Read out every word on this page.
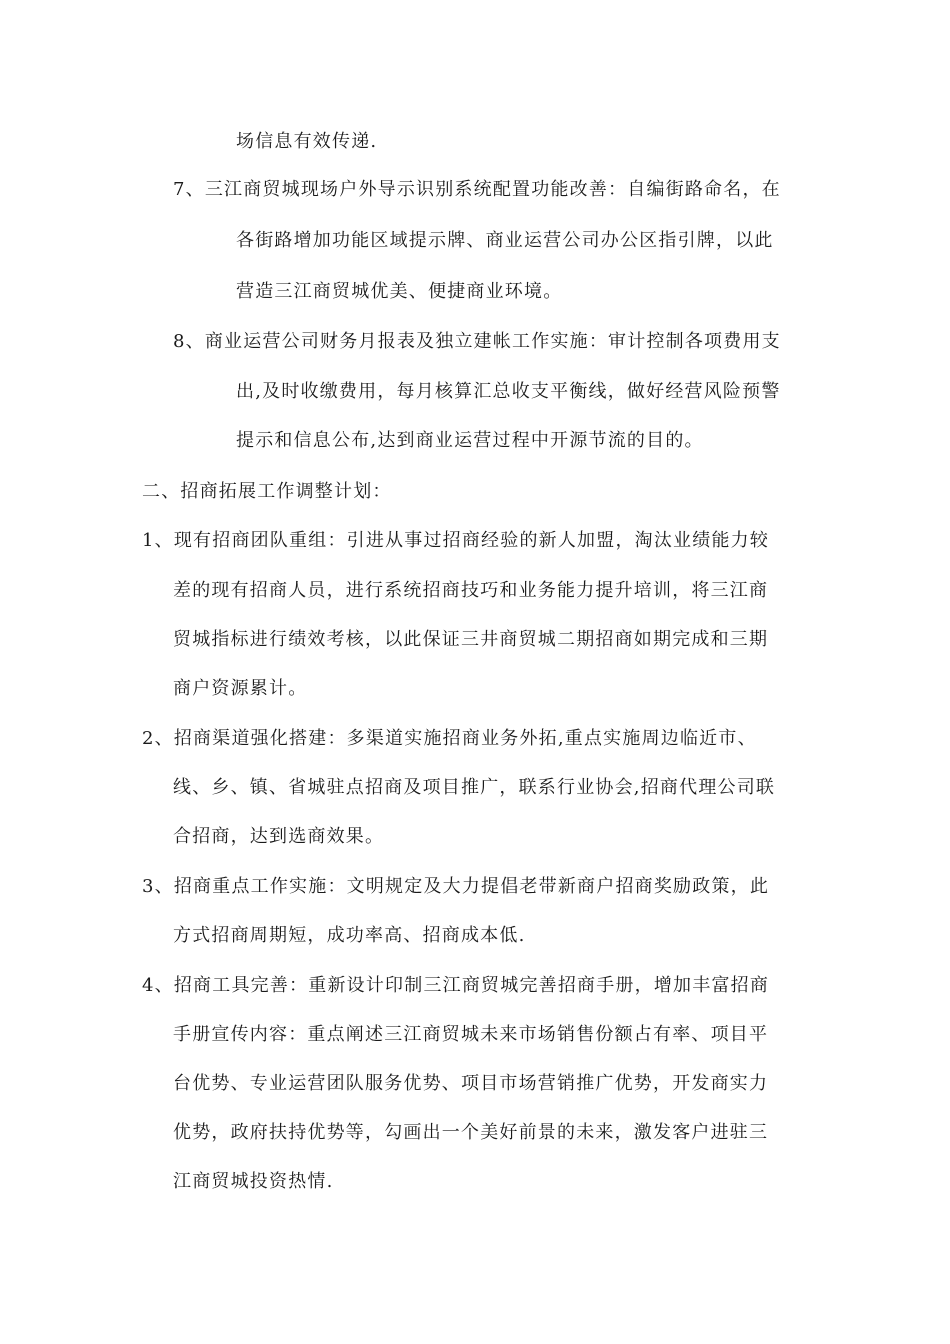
场信息有效传递.
7、三江商贸城现场户外导示识别系统配置功能改善：自编街路命名，在
各街路增加功能区域提示牌、商业运营公司办公区指引牌，以此
营造三江商贸城优美、便捷商业环境。
8、商业运营公司财务月报表及独立建帐工作实施：审计控制各项费用支
出,及时收缴费用，每月核算汇总收支平衡线，做好经营风险预警
提示和信息公布,达到商业运营过程中开源节流的目的。
二、招商拓展工作调整计划：
1、现有招商团队重组：引进从事过招商经验的新人加盟，淘汰业绩能力较
差的现有招商人员，进行系统招商技巧和业务能力提升培训，将三江商
贸城指标进行绩效考核，以此保证三井商贸城二期招商如期完成和三期
商户资源累计。
2、招商渠道强化搭建：多渠道实施招商业务外拓,重点实施周边临近市、
线、乡、镇、省城驻点招商及项目推广，联系行业协会,招商代理公司联
合招商，达到选商效果。
3、招商重点工作实施：文明规定及大力提倡老带新商户招商奖励政策，此
方式招商周期短，成功率高、招商成本低.
4、招商工具完善：重新设计印制三江商贸城完善招商手册，增加丰富招商
手册宣传内容：重点阐述三江商贸城未来市场销售份额占有率、项目平
台优势、专业运营团队服务优势、项目市场营销推广优势，开发商实力
优势，政府扶持优势等，勾画出一个美好前景的未来，激发客户进驻三
江商贸城投资热情.
